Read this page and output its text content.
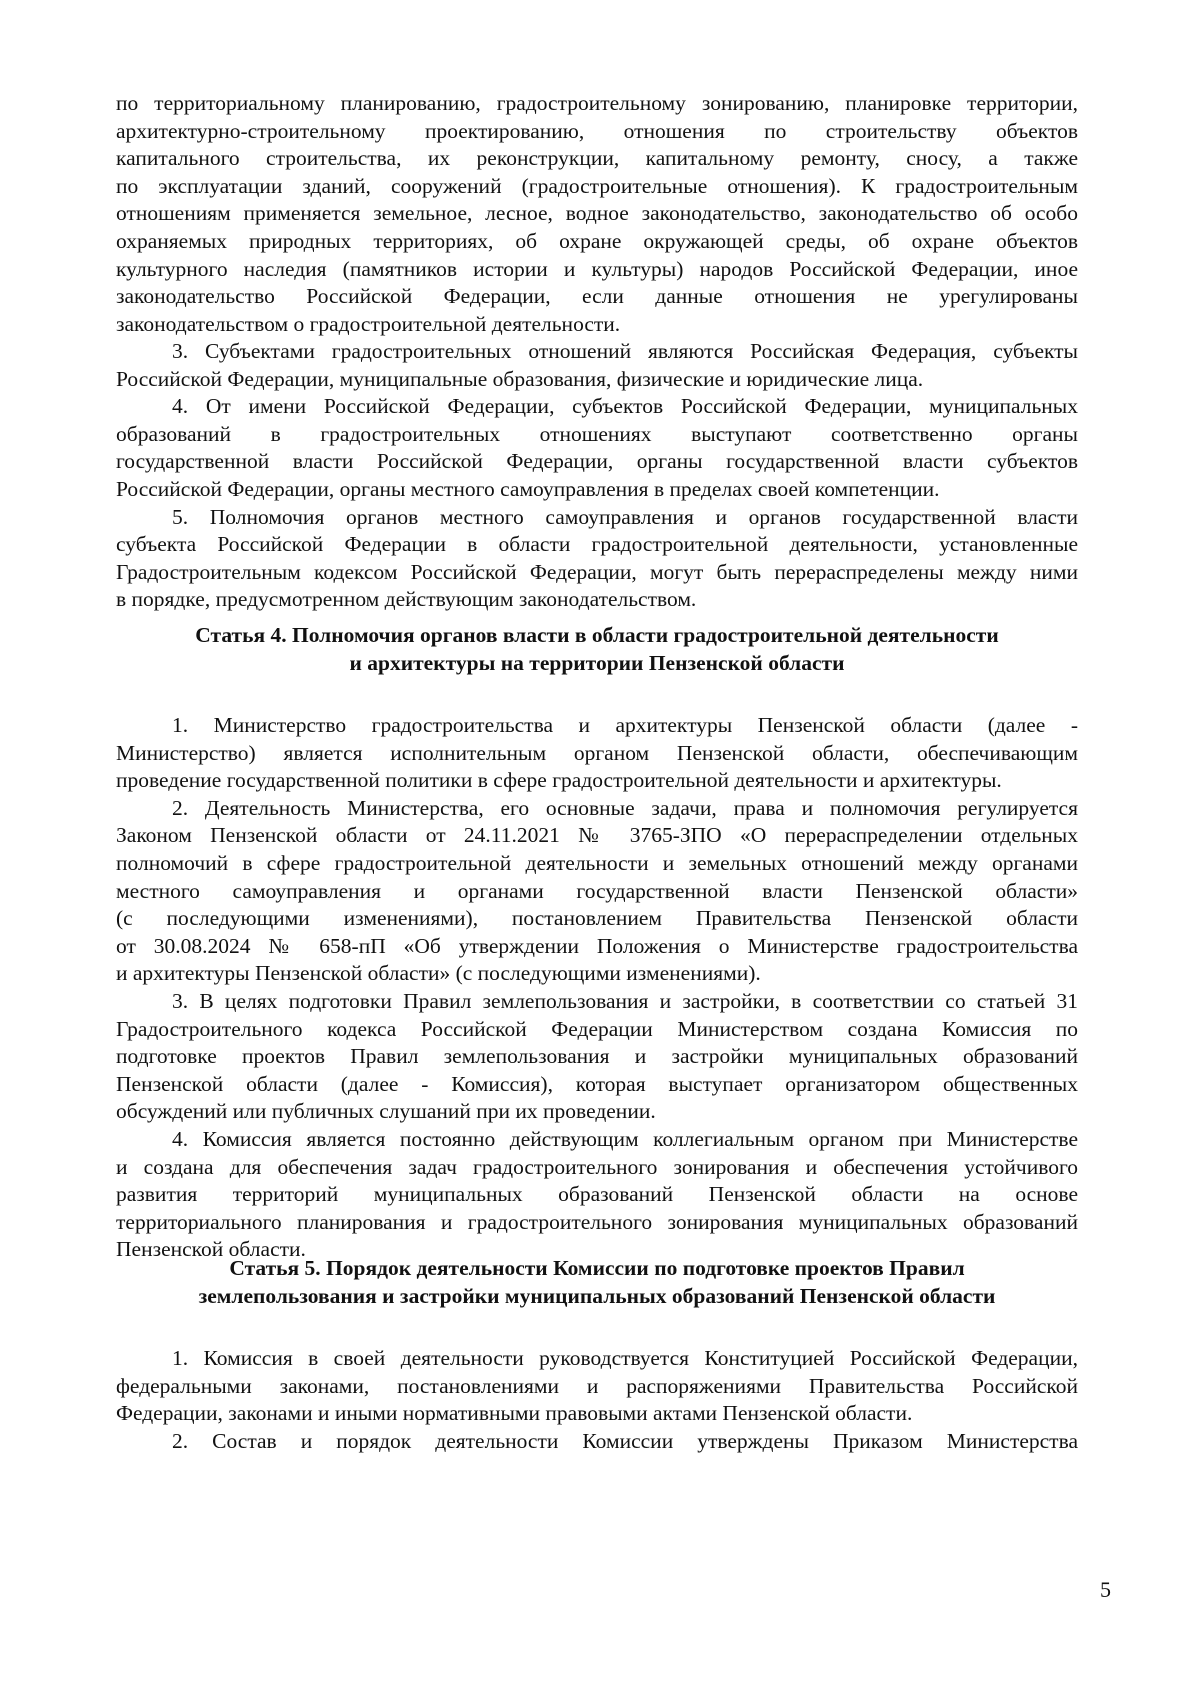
по территориальному планированию, градостроительному зонированию, планировке территории,
архитектурно-строительному проектированию, отношения по строительству объектов
капитального строительства, их реконструкции, капитальному ремонту, сносу, а также
по эксплуатации зданий, сооружений (градостроительные отношения). К градостроительным
отношениям применяется земельное, лесное, водное законодательство, законодательство об особо
охраняемых природных территориях, об охране окружающей среды, об охране объектов
культурного наследия (памятников истории и культуры) народов Российской Федерации, иное
законодательство Российской Федерации, если данные отношения не урегулированы
законодательством о градостроительной деятельности.
3. Субъектами градостроительных отношений являются Российская Федерация, субъекты
Российской Федерации, муниципальные образования, физические и юридические лица.
4. От имени Российской Федерации, субъектов Российской Федерации, муниципальных
образований в градостроительных отношениях выступают соответственно органы
государственной власти Российской Федерации, органы государственной власти субъектов
Российской Федерации, органы местного самоуправления в пределах своей компетенции.
5. Полномочия органов местного самоуправления и органов государственной власти
субъекта Российской Федерации в области градостроительной деятельности, установленные
Градостроительным кодексом Российской Федерации, могут быть перераспределены между ними
в порядке, предусмотренном действующим законодательством.
Статья 4. Полномочия органов власти в области градостроительной деятельности
и архитектуры на территории Пензенской области
1. Министерство градостроительства и архитектуры Пензенской области (далее -
Министерство) является исполнительным органом Пензенской области, обеспечивающим
проведение государственной политики в сфере градостроительной деятельности и архитектуры.
2. Деятельность Министерства, его основные задачи, права и полномочия регулируется
Законом Пензенской области от 24.11.2021 № 3765-ЗПО «О перераспределении отдельных
полномочий в сфере градостроительной деятельности и земельных отношений между органами
местного самоуправления и органами государственной власти Пензенской области»
(с последующими изменениями), постановлением Правительства Пензенской области
от 30.08.2024 № 658-пП «Об утверждении Положения о Министерстве градостроительства
и архитектуры Пензенской области» (с последующими изменениями).
3. В целях подготовки Правил землепользования и застройки, в соответствии со статьей 31
Градостроительного кодекса Российской Федерации Министерством создана Комиссия по
подготовке проектов Правил землепользования и застройки муниципальных образований
Пензенской области (далее - Комиссия), которая выступает организатором общественных
обсуждений или публичных слушаний при их проведении.
4. Комиссия является постоянно действующим коллегиальным органом при Министерстве
и создана для обеспечения задач градостроительного зонирования и обеспечения устойчивого
развития территорий муниципальных образований Пензенской области на основе
территориального планирования и градостроительного зонирования муниципальных образований
Пензенской области.
Статья 5. Порядок деятельности Комиссии по подготовке проектов Правил
землепользования и застройки муниципальных образований Пензенской области
1. Комиссия в своей деятельности руководствуется Конституцией Российской Федерации,
федеральными законами, постановлениями и распоряжениями Правительства Российской
Федерации, законами и иными нормативными правовыми актами Пензенской области.
2. Состав и порядок деятельности Комиссии утверждены Приказом Министерства
5
